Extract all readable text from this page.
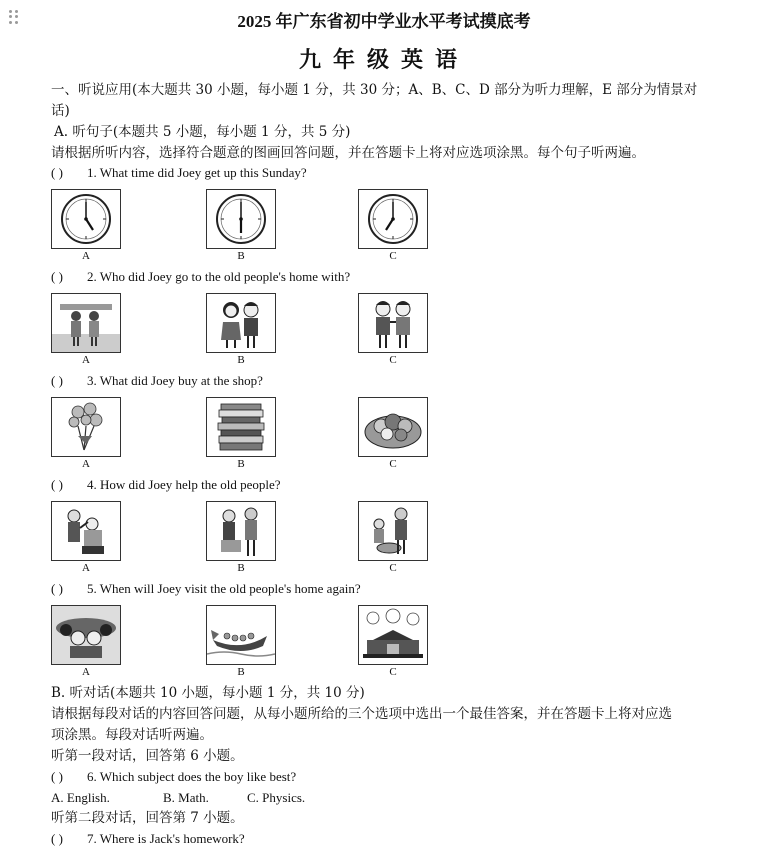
2025 年广东省初中学业水平考试摸底考
九年级英语
一、听说应用(本大题共 30 小题，每小题 1 分，共 30 分；A、B、C、D 部分为听力理解，E 部分为情景对
话)
A. 听句子(本题共 5 小题，每小题 1 分，共 5 分)
请根据所听内容，选择符合题意的图画回答问题，并在答题卡上将对应选项涂黑。每个句子听两遍。
( ) 1. What time did Joey get up this Sunday?
A	B	C
( ) 2. Who did Joey go to the old people's home with?
A	B	C
( ) 3. What did Joey buy at the shop?
A	B	C
( ) 4. How did Joey help the old people?
A	B	C
( ) 5. When will Joey visit the old people's home again?
A	B	C
B. 听对话(本题共 10 小题，每小题 1 分，共 10 分)
请根据每段对话的内容回答问题，从每小题所给的三个选项中选出一个最佳答案，并在答题卡上将对应选
项涂黑。每段对话听两遍。
听第一段对话，回答第 6 小题。
( ) 6. Which subject does the boy like best?
A. English.	B. Math.	C. Physics.
听第二段对话，回答第 7 小题。
( ) 7. Where is Jack's homework?
